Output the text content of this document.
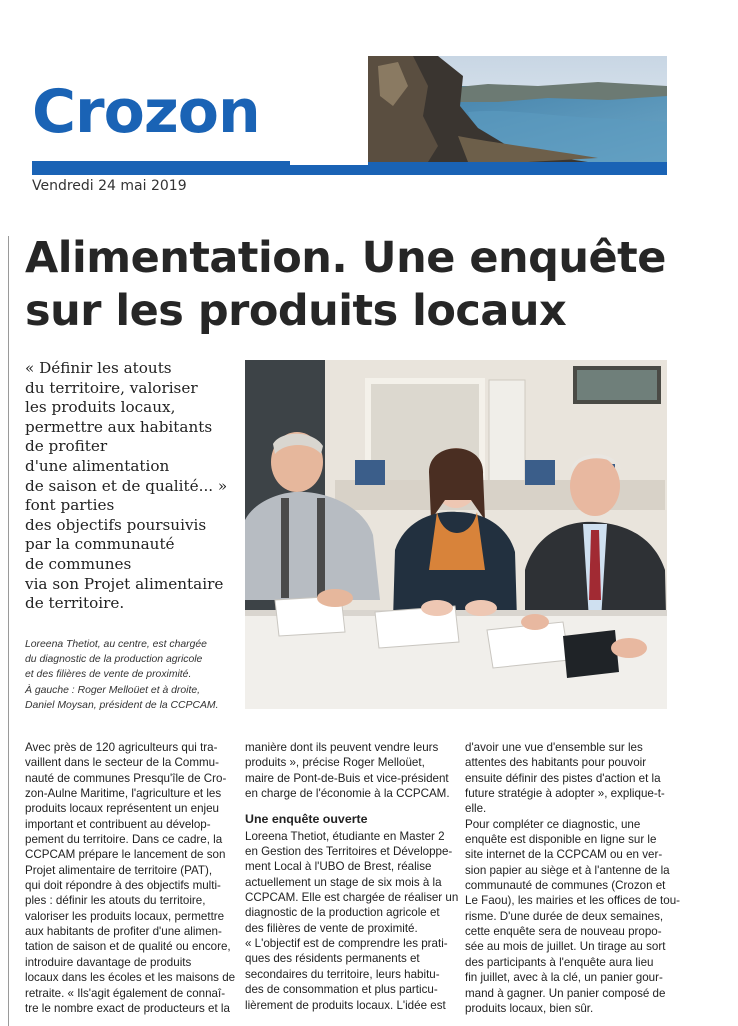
Crozon
Vendredi 24 mai 2019
Alimentation. Une enquête
sur les produits locaux
« Définir les atouts
du territoire, valoriser
les produits locaux,
permettre aux habitants
de profiter
d'une alimentation
de saison et de qualité... »
font parties
des objectifs poursuivis
par la communauté
de communes
via son Projet alimentaire
de territoire.
Loreena Thetiot, au centre, est chargée
du diagnostic de la production agricole
et des filières de vente de proximité.
À gauche : Roger Melloüet et à droite,
Daniel Moysan, président de la CCPCAM.
Avec près de 120 agriculteurs qui tra-
vaillent dans le secteur de la Commu-
nauté de communes Presqu'île de Cro-
zon-Aulne Maritime, l'agriculture et les
produits locaux représentent un enjeu
important et contribuent au dévelop-
pement du territoire. Dans ce cadre, la
CCPCAM prépare le lancement de son
Projet alimentaire de territoire (PAT),
qui doit répondre à des objectifs multi-
ples : définir les atouts du territoire,
valoriser les produits locaux, permettre
aux habitants de profiter d'une alimen-
tation de saison et de qualité ou encore,
introduire davantage de produits
locaux dans les écoles et les maisons de
retraite. « Ils'agit également de connaî-
tre le nombre exact de producteurs et la
manière dont ils peuvent vendre leurs
produits », précise Roger Melloüet,
maire de Pont-de-Buis et vice-président
en charge de l'économie à la CCPCAM.
Une enquête ouverte
Loreena Thetiot, étudiante en Master 2
en Gestion des Territoires et Développe-
ment Local à l'UBO de Brest, réalise
actuellement un stage de six mois à la
CCPCAM. Elle est chargée de réaliser un
diagnostic de la production agricole et
des filières de vente de proximité.
« L'objectif est de comprendre les prati-
ques des résidents permanents et
secondaires du territoire, leurs habitu-
des de consommation et plus particu-
lièrement de produits locaux. L'idée est
d'avoir une vue d'ensemble sur les
attentes des habitants pour pouvoir
ensuite définir des pistes d'action et la
future stratégie à adopter », explique-t-
elle.
Pour compléter ce diagnostic, une
enquête est disponible en ligne sur le
site internet de la CCPCAM ou en ver-
sion papier au siège et à l'antenne de la
communauté de communes (Crozon et
Le Faou), les mairies et les offices de tou-
risme. D'une durée de deux semaines,
cette enquête sera de nouveau propo-
sée au mois de juillet. Un tirage au sort
des participants à l'enquête aura lieu
fin juillet, avec à la clé, un panier gour-
mand à gagner. Un panier composé de
produits locaux, bien sûr.
